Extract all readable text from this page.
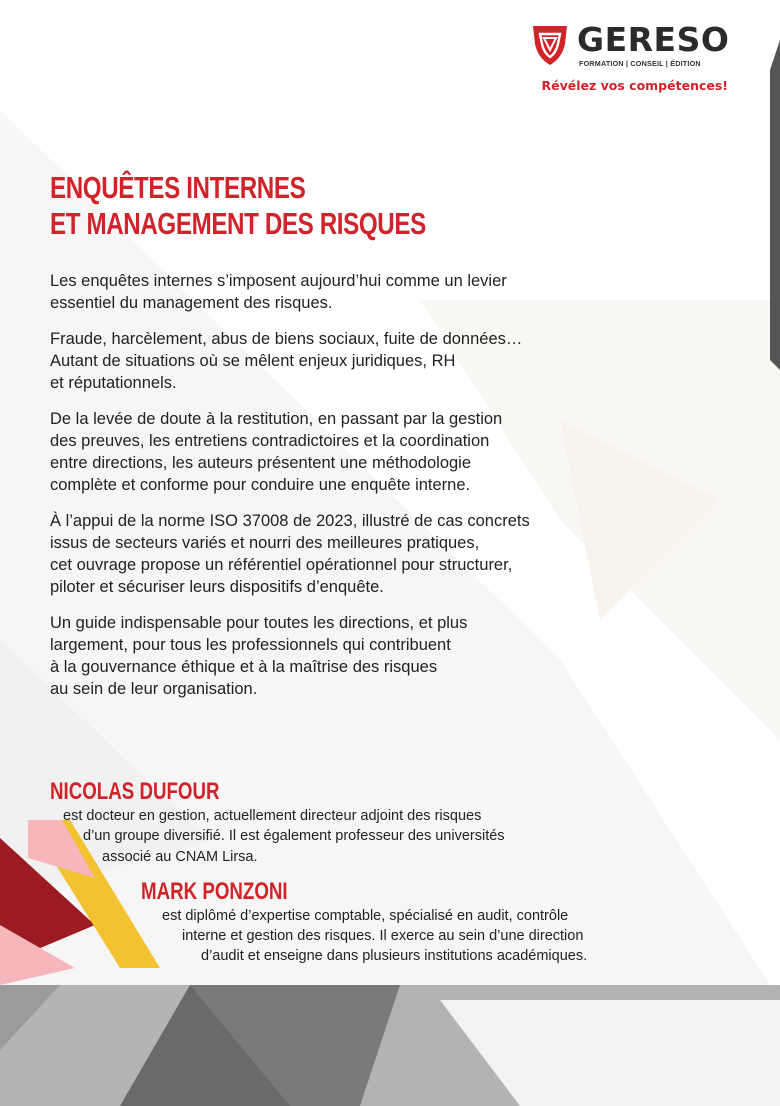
GERESO
FORMATION | CONSEIL | ÉDITION
Révélez vos compétences!
ENQUÊTES INTERNES
ET MANAGEMENT DES RISQUES

Les enquêtes internes s’imposent aujourd’hui comme un levier
essentiel du management des risques.

Fraude, harcèlement, abus de biens sociaux, fuite de données…
Autant de situations où se mêlent enjeux juridiques, RH
et réputationnels.

De la levée de doute à la restitution, en passant par la gestion
des preuves, les entretiens contradictoires et la coordination
entre directions, les auteurs présentent une méthodologie
complète et conforme pour conduire une enquête interne.

À l’appui de la norme ISO 37008 de 2023, illustré de cas concrets
issus de secteurs variés et nourri des meilleures pratiques,
cet ouvrage propose un référentiel opérationnel pour structurer,
piloter et sécuriser leurs dispositifs d’enquête.

Un guide indispensable pour toutes les directions, et plus
largement, pour tous les professionnels qui contribuent
à la gouvernance éthique et à la maîtrise des risques
au sein de leur organisation.

NICOLAS DUFOUR
est docteur en gestion, actuellement directeur adjoint des risques
d’un groupe diversifié. Il est également professeur des universités
associé au CNAM Lirsa.
MARK PONZONI
est diplômé d’expertise comptable, spécialisé en audit, contrôle
interne et gestion des risques. Il exerce au sein d’une direction
d’audit et enseigne dans plusieurs institutions académiques.
